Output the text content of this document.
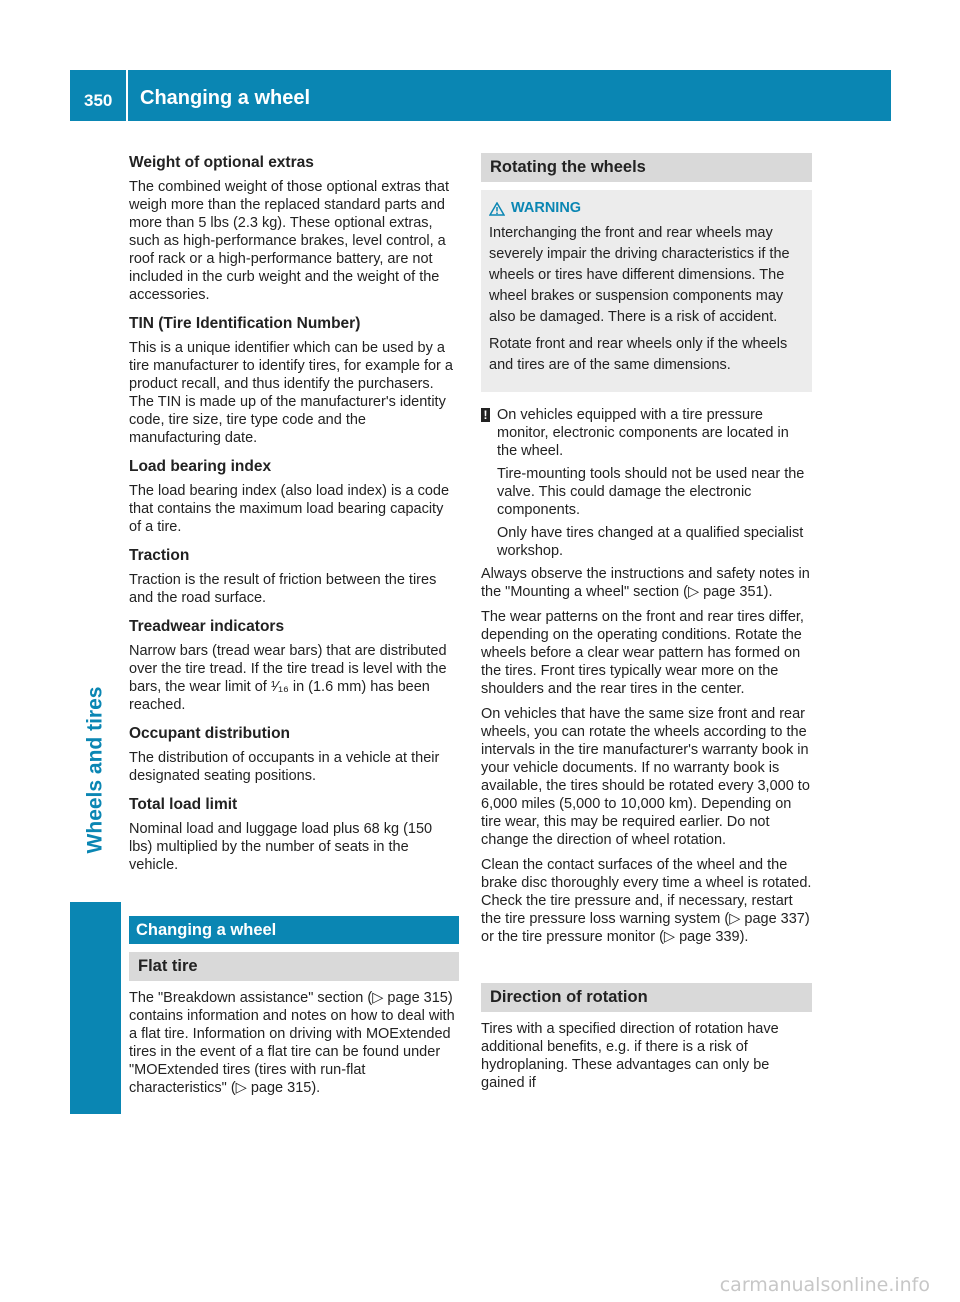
350 Changing a wheel
Wheels and tires
Weight of optional extras

The combined weight of those optional extras that weigh more than the replaced standard parts and more than 5 lbs (2.3 kg). These optional extras, such as high-performance brakes, level control, a roof rack or a high-performance battery, are not included in the curb weight and the weight of the accessories.

TIN (Tire Identification Number)

This is a unique identifier which can be used by a tire manufacturer to identify tires, for example for a product recall, and thus identify the purchasers. The TIN is made up of the manufacturer's identity code, tire size, tire type code and the manufacturing date.

Load bearing index

The load bearing index (also load index) is a code that contains the maximum load bearing capacity of a tire.

Traction

Traction is the result of friction between the tires and the road surface.

Treadwear indicators

Narrow bars (tread wear bars) that are distributed over the tire tread. If the tire tread is level with the bars, the wear limit of ¹⁄₁₆ in (1.6 mm) has been reached.

Occupant distribution

The distribution of occupants in a vehicle at their designated seating positions.

Total load limit

Nominal load and luggage load plus 68 kg (150 lbs) multiplied by the number of seats in the vehicle.

Changing a wheel
Flat tire

The "Breakdown assistance" section (▷ page 315) contains information and notes on how to deal with a flat tire. Information on driving with MOExtended tires in the event of a flat tire can be found under "MOExtended tires (tires with run-flat characteristics" (▷ page 315).

Rotating the wheels
WARNING

Interchanging the front and rear wheels may severely impair the driving characteristics if the wheels or tires have different dimensions. The wheel brakes or suspension components may also be damaged. There is a risk of accident.

Rotate front and rear wheels only if the wheels and tires are of the same dimensions.

! On vehicles equipped with a tire pressure monitor, electronic components are located in the wheel.

Tire-mounting tools should not be used near the valve. This could damage the electronic components.

Only have tires changed at a qualified specialist workshop.

Always observe the instructions and safety notes in the "Mounting a wheel" section (▷ page 351).

The wear patterns on the front and rear tires differ, depending on the operating conditions. Rotate the wheels before a clear wear pattern has formed on the tires. Front tires typically wear more on the shoulders and the rear tires in the center.

On vehicles that have the same size front and rear wheels, you can rotate the wheels according to the intervals in the tire manufacturer's warranty book in your vehicle documents. If no warranty book is available, the tires should be rotated every 3,000 to 6,000 miles (5,000 to 10,000 km). Depending on tire wear, this may be required earlier. Do not change the direction of wheel rotation.

Clean the contact surfaces of the wheel and the brake disc thoroughly every time a wheel is rotated. Check the tire pressure and, if necessary, restart the tire pressure loss warning system (▷ page 337) or the tire pressure monitor (▷ page 339).

Direction of rotation

Tires with a specified direction of rotation have additional benefits, e.g. if there is a risk of hydroplaning. These advantages can only be gained if

carmanualsonline.info
